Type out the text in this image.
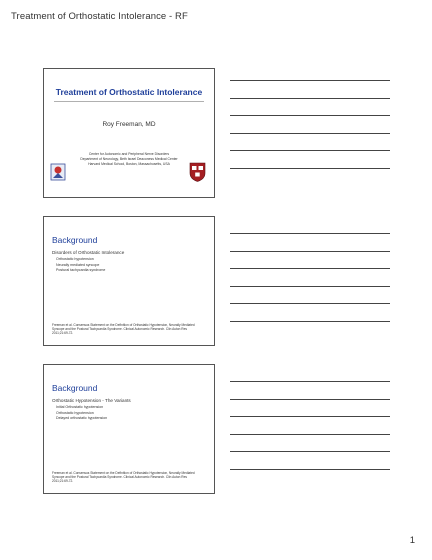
Treatment of Orthostatic Intolerance - RF
Treatment of Orthostatic Intolerance
Roy Freeman, MD
Center for Autonomic and Peripheral Nerve Disorders
Department of Neurology, Beth Israel Deaconess Medical Center
Harvard Medical School, Boston, Massachusetts, USA
Background
Disorders of Orthostatic Intolerance
Orthostatic hypotension
Neurally mediated syncope
Postural tachycardia syndrome
Freeman et al. Consensus Statement on the Definition of Orthostatic Hypotension, Neurally Mediated Syncope and the Postural Tachycardia Syndrome. Clinical Autonomic Research. Clin Auton Res 2011;21:69-72.
Background
Orthostatic Hypotension - The Variants
Initial Orthostatic hypotension
Orthostatic hypotension
Delayed orthostatic hypotension
Freeman et al. Consensus Statement on the Definition of Orthostatic Hypotension, Neurally Mediated Syncope and the Postural Tachycardia Syndrome. Clinical Autonomic Research. Clin Auton Res 2011;21:69-72.
1
